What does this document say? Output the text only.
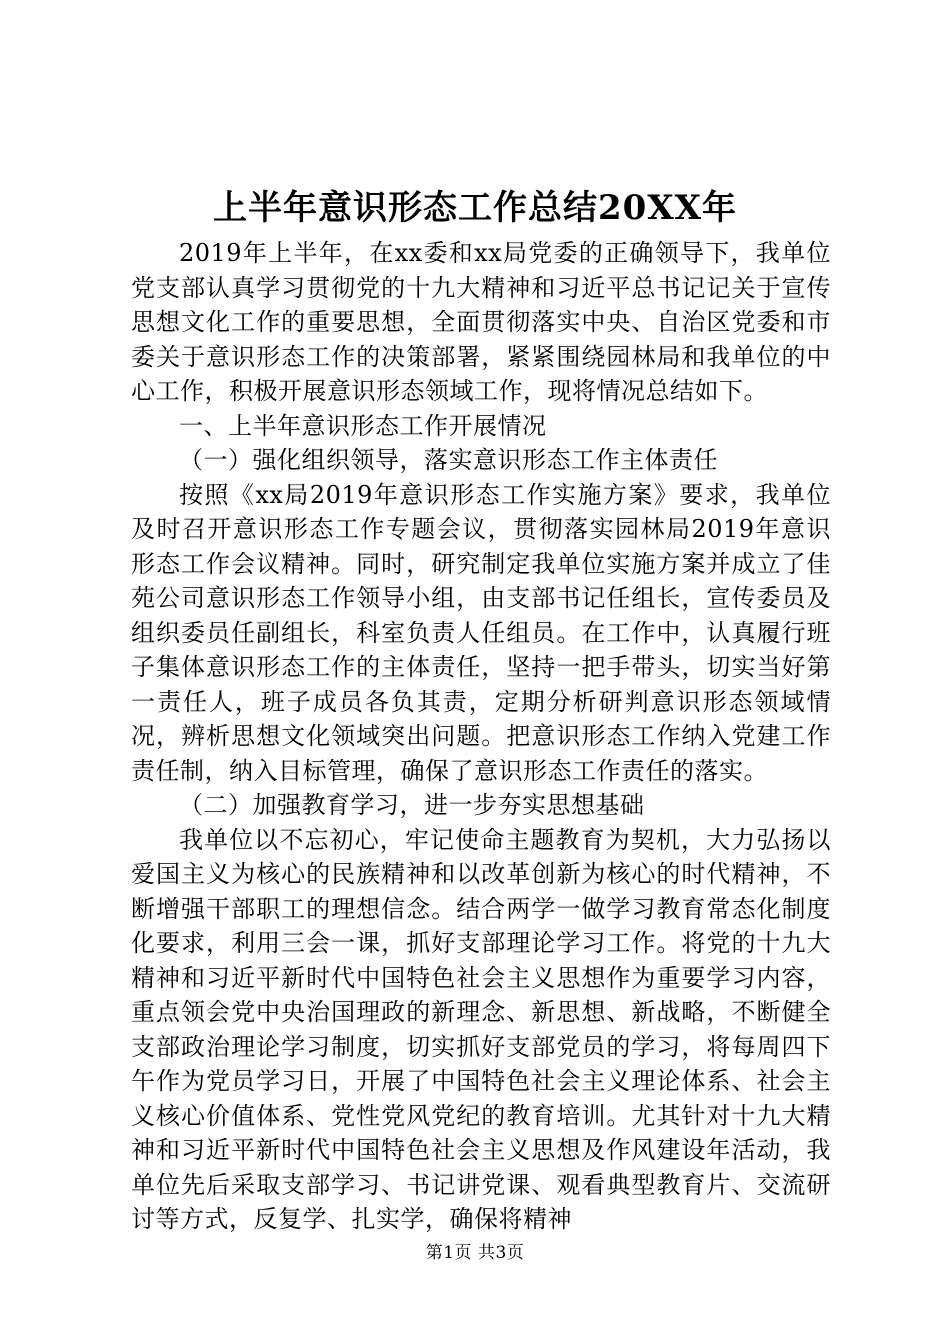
上半年意识形态工作总结20XX年

2019年上半年，在xx委和xx局党委的正确领导下，我单位党支部认真学习贯彻党的十九大精神和习近平总书记记关于宣传思想文化工作的重要思想，全面贯彻落实中央、自治区党委和市委关于意识形态工作的决策部署，紧紧围绕园林局和我单位的中心工作，积极开展意识形态领域工作，现将情况总结如下。

一、上半年意识形态工作开展情况

（一）强化组织领导，落实意识形态工作主体责任

按照《xx局2019年意识形态工作实施方案》要求，我单位及时召开意识形态工作专题会议，贯彻落实园林局2019年意识形态工作会议精神。同时，研究制定我单位实施方案并成立了佳苑公司意识形态工作领导小组，由支部书记任组长，宣传委员及组织委员任副组长，科室负责人任组员。在工作中，认真履行班子集体意识形态工作的主体责任，坚持一把手带头，切实当好第一责任人，班子成员各负其责，定期分析研判意识形态领域情况，辨析思想文化领域突出问题。把意识形态工作纳入党建工作责任制，纳入目标管理，确保了意识形态工作责任的落实。

（二）加强教育学习，进一步夯实思想基础

我单位以不忘初心，牢记使命主题教育为契机，大力弘扬以爱国主义为核心的民族精神和以改革创新为核心的时代精神，不断增强干部职工的理想信念。结合两学一做学习教育常态化制度化要求，利用三会一课，抓好支部理论学习工作。将党的十九大精神和习近平新时代中国特色社会主义思想作为重要学习内容，重点领会党中央治国理政的新理念、新思想、新战略，不断健全支部政治理论学习制度，切实抓好支部党员的学习，将每周四下午作为党员学习日，开展了中国特色社会主义理论体系、社会主义核心价值体系、党性党风党纪的教育培训。尤其针对十九大精神和习近平新时代中国特色社会主义思想及作风建设年活动，我单位先后采取支部学习、书记讲党课、观看典型教育片、交流研讨等方式，反复学、扎实学，确保将精神

第1页 共3页
